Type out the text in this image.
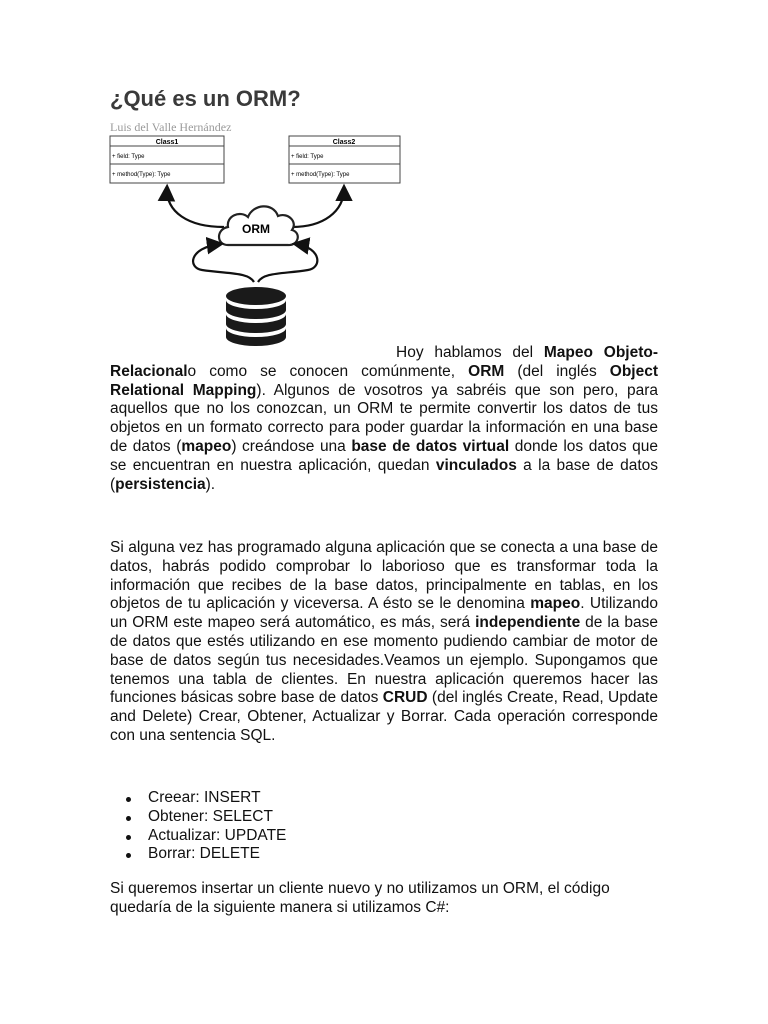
¿Qué es un ORM?
Luis del Valle Hernández
Class1
+ field: Type
+ method(Type): Type
Class2
+ field: Type
+ method(Type): Type
ORM

Hoy hablamos del Mapeo Objeto-Relacionalo como se conocen comúnmente, ORM (del inglés Object Relational Mapping). Algunos de vosotros ya sabréis que son pero, para aquellos que no los conozcan, un ORM te permite convertir los datos de tus objetos en un formato correcto para poder guardar la información en una base de datos (mapeo) creándose una base de datos virtual donde los datos que se encuentran en nuestra aplicación, quedan vinculados a la base de datos (persistencia).

Si alguna vez has programado alguna aplicación que se conecta a una base de datos, habrás podido comprobar lo laborioso que es transformar toda la información que recibes de la base datos, principalmente en tablas, en los objetos de tu aplicación y viceversa. A ésto se le denomina mapeo. Utilizando un ORM este mapeo será automático, es más, será independiente de la base de datos que estés utilizando en ese momento pudiendo cambiar de motor de base de datos según tus necesidades.Veamos un ejemplo. Supongamos que tenemos una tabla de clientes. En nuestra aplicación queremos hacer las funciones básicas sobre base de datos CRUD (del inglés Create, Read, Update and Delete) Crear, Obtener, Actualizar y Borrar. Cada operación corresponde con una sentencia SQL.

Creear: INSERT
Obtener: SELECT
Actualizar: UPDATE
Borrar: DELETE

Si queremos insertar un cliente nuevo y no utilizamos un ORM, el código quedaría de la siguiente manera si utilizamos C#:
